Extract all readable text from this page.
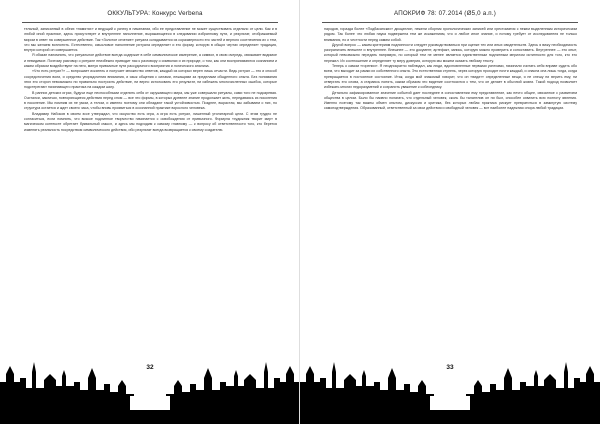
ОККУЛЬТУРА: Конкурс Verbena

тельный, записанный в обеих «памятях» и ведущий к успеху в начинании, ибо ее представление не может существовать отдельно от цели. Как и в любой иной практике, здесь присутствует и внутреннее наполнение, выражающееся в следовании избранному пути, и результат, отображаемый миром в ответ на совершенное действие. Так «Золотое сечение» ритуала складывается из соразмерности его частей и верного соотнесения их с тем, что мы желаем воплотить. Естественно, смысловое наполнение ритуала определяет и его форму, которую в общих чертах определяет традиция, внутри которой он совершается.

Я обязан напомнить, что ритуальное действие всегда содержит в себе символическое измерение, а символ, в свою очередь, связывает видимое и невидимое. Поэтому разговор о ритуале неизбежно приводит нас к разговору о символах и их природе, о том, как они воспринимаются сознанием и каким образом воздействуют на него, минуя привычные пути рассудочного восприятия и логического анализа.

«Что есть ритуал?» — вопрошает искатель и получает множество ответов, каждый из которых верен лишь отчасти. Ведь ритуал — это и способ сосредоточения воли, и средство упорядочения внимания, и язык общения с силами, лежащими за пределами обыденного опыта. Без понимания этих его сторон невозможно ни правильно построить действие, ни верно истолковать его результат, ни избежать многочисленных ошибок, которые подстерегают начинающего практика на каждом шагу.

В ранних детских играх, будучи еще неспособными отделить себя от окружающего мира, мы уже совершали ритуалы, сами того не подозревая. Считалки, заклички, повторяющиеся действия перед сном — все это формы, в которых древнее знание продолжает жить, передаваясь из поколения в поколение. Мы помним их не умом, а телом, и именно поэтому они обладают такой устойчивостью. Позднее, вырастая, мы забываем о них, но структура остается и ждет своего часа, чтобы вновь проявиться в осознанной практике взрослого человека.

Владимир Набоков в своем эссе утверждал, что искусство есть игра, а игра есть ритуал, лишенный утилитарной цели. С этим трудно не согласиться, если помнить, что всякое подлинное творчество начинается с освобождения от привычного. Формула «художник творит мир» в магическом контексте обретает буквальный смысл, и здесь мы подходим к самому главному — к вопросу об ответственности того, кто берется изменять реальность посредством символического действия, ибо результат всегда возвращается к своему создателю.

32
АПОКРИФ 78: 07.2014 (Ø5,0 а.п.)

народов, горазда более «Подбасанских» дисциплин, нежели сборник хронологических записей или хрестоматия с неким выделенным историческим рядом. Так более что любая наука подвержена тем же искажениям, что и любое иное знание, и потому требует от исследователя не только внимания, но и честности перед самим собой.

Другой вопрос — каким критериям подлинности следует руководствоваться при оценке тех или иных свидетельств. Здесь я вижу необходимость разграничить внешнее и внутреннее. Внешнее — это документ, артефакт, запись, которую можно проверить и сопоставить. Внутреннее — это опыт, который невозможно передать напрямую, но который тем не менее является единственным подлинным мерилом истинности для того, кто его пережил. Их соотношение и определяет ту меру доверия, которую мы можем оказать любому тексту.

Теперь о самом «горении». Я неоднократно наблюдал, как люди, вдохновленные первыми успехами, начинали считать себя вправе судить обо всем, что выходит за рамки их собственного опыта. Это естественная ступень, через которую проходит почти каждый, и опасна она лишь тогда, когда превращается в постоянное состояние. Итак, когда мой знакомый говорит, что он «видит» определенные вещи, я не спешу ни верить ему, ни отвергать его слова, а стараюсь понять, каким образом это видение соотносится с тем, что он делает в обычной жизни. Такой подход позволяет избежать многих недоразумений и сохранить уважение к собеседнику.

Детально зафиксированное значение событий дает последнее в сопоставлении ему представление, как нечто общее, связанное с развитием общества в целом. Было бы наивно полагать, что отдельный человек, сколь бы талантлив он ни был, способен охватить всю полноту явления. Именно поэтому так важны обмен опытом, дискуссия и критика, без которых любая практика рискует превратиться в замкнутую систему самоподтверждения. Образованный, ответственный за свои действия и свободный человек — вот наиболее надежная опора любой традиции.

33
